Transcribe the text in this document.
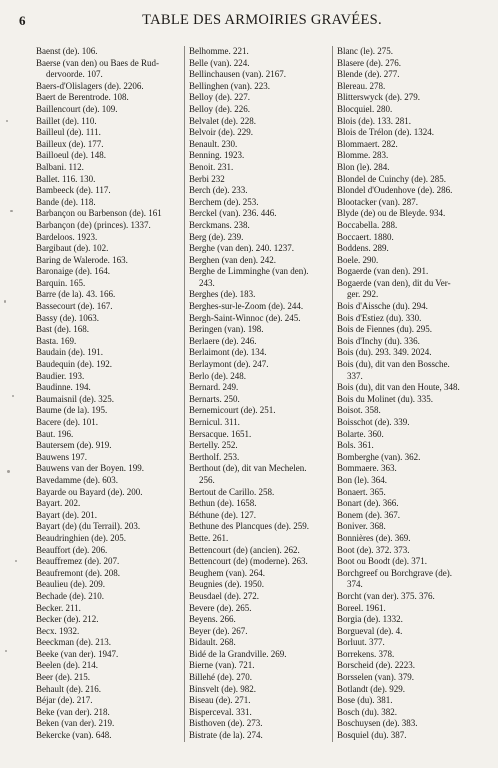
6	TABLE DES ARMOIRIES GRAVÉES.
Baenst (de). 106.
Baerse (van den) ou Baes de Rud-
dervoorde. 107.
Baers-d'Olislagers (de). 2206.
Baert de Berentrode. 108.
Baillencourt (de). 109.
Baillet (de). 110.
Bailleul (de). 111.
Bailleux (de). 177.
Bailloeul (de). 148.
Balbani. 112.
Ballet. 116. 130.
Bambeeck (de). 117.
Bande (de). 118.
Barbançon ou Barbenson (de). 161
Barbançon (de) (princes). 1337.
Bardeloos. 1923.
Bargibaut (de). 102.
Baring de Walerode. 163.
Baronaige (de). 164.
Barquin. 165.
Barre (de la). 43. 166.
Bassecourt (de). 167.
Bassy (de). 1063.
Bast (de). 168.
Basta. 169.
Baudain (de). 191.
Baudequin (de). 192.
Baudier. 193.
Baudinne. 194.
Baumaisnil (de). 325.
Baume (de la). 195.
Bacere (de). 101.
Baut. 196.
Bautersem (de). 919.
Bauwens 197.
Bauwens van der Boyen. 199.
Bavedamme (de). 603.
Bayarde ou Bayard (de). 200.
Bayart. 202.
Bayart (de). 201.
Bayart (de) (du Terrail). 203.
Beaudringhien (de). 205.
Beauffort (de). 206.
Beauffremez (de). 207.
Beaufremont (de). 208.
Beaulieu (de). 209.
Bechade (de). 210.
Becker. 211.
Becker (de). 212.
Becx. 1932.
Beeckman (de). 213.
Beeke (van der). 1947.
Beelen (de). 214.
Beer (de). 215.
Behault (de). 216.
Béjar (de). 217.
Beke (van der). 218.
Beken (van der). 219.
Bekercke (van). 648.
Belhomme. 221.
Belle (van). 224.
Bellinchausen (van). 2167.
Bellinghen (van). 223.
Belloy (de). 227.
Belloy (de). 226.
Belvalet (de). 228.
Belvoir (de). 229.
Benault. 230.
Benning. 1923.
Benoit. 231.
Berbi 232
Berch (de). 233.
Berchem (de). 253.
Berckel (van). 236. 446.
Berckmans. 238.
Berg (de). 239.
Berghe (van den). 240. 1237.
Berghen (van den). 242.
Berghe de Limminghe (van den).
243.
Berghes (de). 183.
Berghes-sur-le-Zoom (de). 244.
Bergh-Saint-Winnoc (de). 245.
Beringen (van). 198.
Berlaere (de). 246.
Berlaimont (de). 134.
Berlaymont (de). 247.
Berlo (de). 248.
Bernard. 249.
Bernarts. 250.
Bernemicourt (de). 251.
Bernicul. 311.
Bersacque. 1651.
Bertelly. 252.
Bertholf. 253.
Berthout (de), dit van Mechelen.
256.
Bertout de Carillo. 258.
Bethun (de). 1658.
Béthune (de). 127.
Bethune des Plancques (de). 259.
Bette. 261.
Bettencourt (de) (ancien). 262.
Bettencourt (de) (moderne). 263.
Beughem (van). 264.
Beugnies (de). 1950.
Beusdael (de). 272.
Bevere (de). 265.
Beyens. 266.
Beyer (de). 267.
Bidault. 268.
Bidé de la Grandville. 269.
Bierne (van). 721.
Billehé (de). 270.
Binsvelt (de). 982.
Biseau (de). 271.
Bisperceval. 331.
Bisthoven (de). 273.
Bistrate (de la). 274.
Blanc (le). 275.
Blasere (de). 276.
Blende (de). 277.
Blereau. 278.
Blitterswyck (de). 279.
Blocquiel. 280.
Blois (de). 133. 281.
Blois de Trélon (de). 1324.
Blommaert. 282.
Blomme. 283.
Blon (le). 284.
Blondel de Cuinchy (de). 285.
Blondel d'Oudenhove (de). 286.
Blootacker (van). 287.
Blyde (de) ou de Bleyde. 934.
Boccabella. 288.
Boccaert. 1880.
Boddens. 289.
Boele. 290.
Bogaerde (van den). 291.
Bogaerde (van den), dit du Ver-
ger. 292.
Bois d'Aissche (du). 294.
Bois d'Estiez (du). 330.
Bois de Fiennes (du). 295.
Bois d'Inchy (du). 336.
Bois (du). 293. 349. 2024.
Bois (du), dit van den Bossche.
337.
Bois (du), dit van den Houte, 348.
Bois du Molinet (du). 335.
Boisot. 358.
Boisschot (de). 339.
Bolarte. 360.
Bols. 361.
Bomberghe (van). 362.
Bommaere. 363.
Bon (le). 364.
Bonaert. 365.
Bonart (de). 366.
Bonem (de). 367.
Boniver. 368.
Bonnières (de). 369.
Boot (de). 372. 373.
Boot ou Boodt (de). 371.
Borchgreef ou Borchgrave (de).
374.
Borcht (van der). 375. 376.
Boreel. 1961.
Borgia (de). 1332.
Borgueval (de). 4.
Borluut. 377.
Borrekens. 378.
Borscheid (de). 2223.
Borsselen (van). 379.
Botlandt (de). 929.
Bose (du). 381.
Bosch (du). 382.
Boschuysen (de). 383.
Bosquiel (du). 387.
